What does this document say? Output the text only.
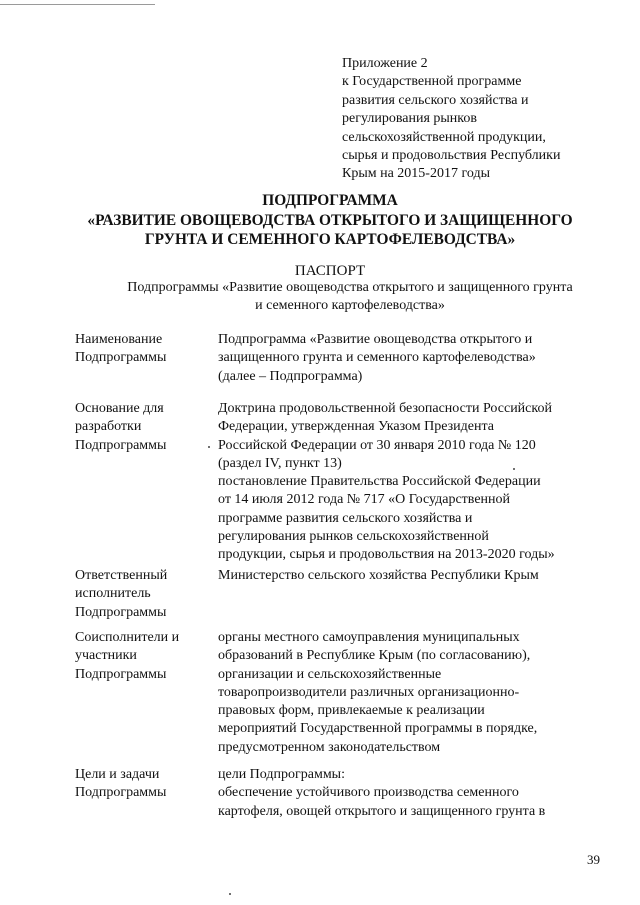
Приложение 2
к Государственной программе
развития сельского хозяйства и
регулирования рынков
сельскохозяйственной продукции,
сырья и продовольствия Республики
Крым на 2015-2017 годы
ПОДПРОГРАММА
«РАЗВИТИЕ ОВОЩЕВОДСТВА ОТКРЫТОГО И ЗАЩИЩЕННОГО
ГРУНТА И СЕМЕННОГО КАРТОФЕЛЕВОДСТВА»
ПАСПОРТ
Подпрограммы «Развитие овощеводства открытого и защищенного грунта
и семенного картофелеводства»
Наименование
Подпрограммы
Подпрограмма «Развитие овощеводства открытого и
защищенного грунта и семенного картофелеводства»
(далее – Подпрограмма)
Основание для
разработки
Подпрограммы
Доктрина продовольственной безопасности Российской
Федерации, утвержденная Указом Президента
Российской Федерации от 30 января 2010 года № 120
(раздел IV, пункт 13)
постановление Правительства Российской Федерации
от 14 июля 2012 года № 717 «О Государственной
программе развития сельского хозяйства и
регулирования рынков сельскохозяйственной
продукции, сырья и продовольствия на 2013-2020 годы»
Ответственный
исполнитель
Подпрограммы
Министерство сельского хозяйства Республики Крым
Соисполнители и
участники
Подпрограммы
органы местного самоуправления муниципальных
образований в Республике Крым (по согласованию),
организации и сельскохозяйственные
товаропроизводители различных организационно-
правовых форм, привлекаемые к реализации
мероприятий Государственной программы в порядке,
предусмотренном законодательством
Цели и задачи
Подпрограммы
цели Подпрограммы:
обеспечение устойчивого производства семенного
картофеля, овощей открытого и защищенного грунта в
39
